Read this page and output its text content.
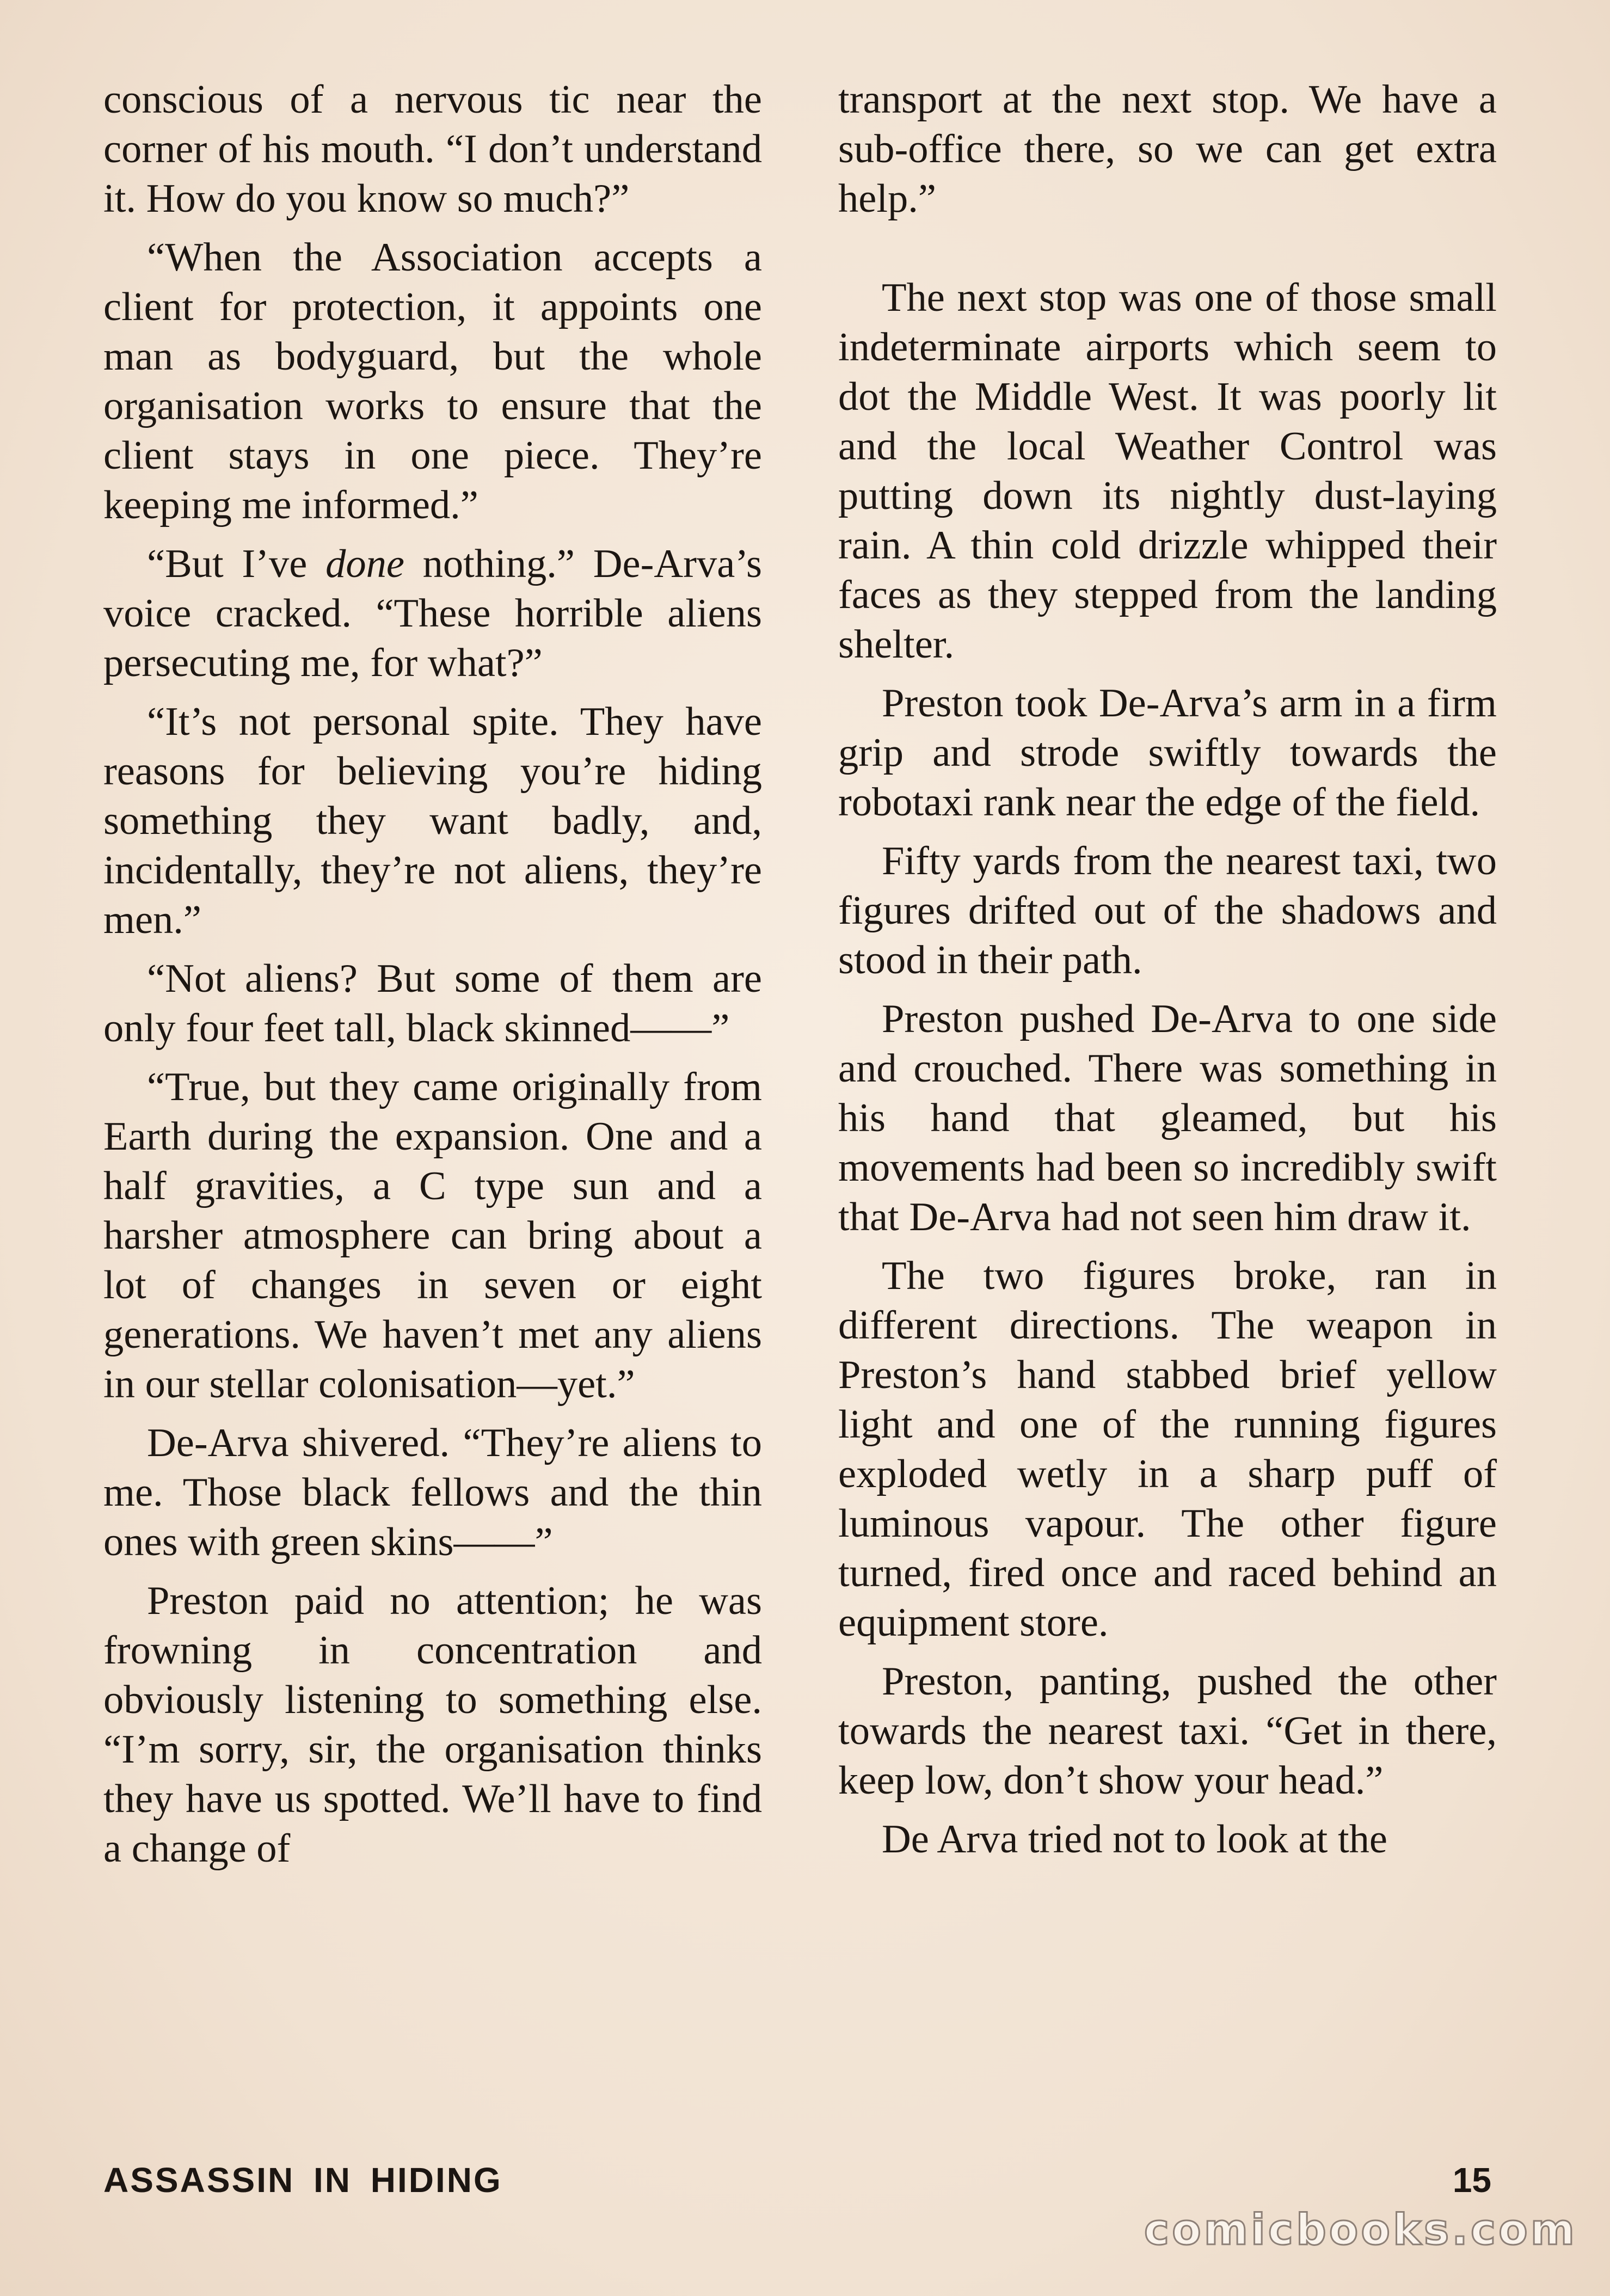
conscious of a nervous tic near the corner of his mouth. “I don’t understand it. How do you know so much?”

“When the Association accepts a client for protection, it appoints one man as bodyguard, but the whole organisation works to ensure that the client stays in one piece. They’re keeping me informed.”

“But I’ve done nothing.” De-Arva’s voice cracked. “These horrible aliens persecuting me, for what?”

“It’s not personal spite. They have reasons for believing you’re hiding something they want badly, and, incidentally, they’re not aliens, they’re men.”

“Not aliens? But some of them are only four feet tall, black skinned——”

“True, but they came originally from Earth during the expansion. One and a half gravities, a C type sun and a harsher atmosphere can bring about a lot of changes in seven or eight generations. We haven’t met any aliens in our stellar colonisation—yet.”

De-Arva shivered. “They’re aliens to me. Those black fellows and the thin ones with green skins——”

Preston paid no attention; he was frowning in concentration and obviously listening to something else. “I’m sorry, sir, the organisation thinks they have us spotted. We’ll have to find a change of

transport at the next stop. We have a sub-office there, so we can get extra help.”

The next stop was one of those small indeterminate airports which seem to dot the Middle West. It was poorly lit and the local Weather Control was putting down its nightly dust-laying rain. A thin cold drizzle whipped their faces as they stepped from the landing shelter.

Preston took De-Arva’s arm in a firm grip and strode swiftly towards the robotaxi rank near the edge of the field.

Fifty yards from the nearest taxi, two figures drifted out of the shadows and stood in their path.

Preston pushed De-Arva to one side and crouched. There was something in his hand that gleamed, but his movements had been so incredibly swift that De-Arva had not seen him draw it.

The two figures broke, ran in different directions. The weapon in Preston’s hand stabbed brief yellow light and one of the running figures exploded wetly in a sharp puff of luminous vapour. The other figure turned, fired once and raced behind an equipment store.

Preston, panting, pushed the other towards the nearest taxi. “Get in there, keep low, don’t show your head.”

De Arva tried not to look at the

ASSASSIN IN HIDING	15
comicbooks.com
